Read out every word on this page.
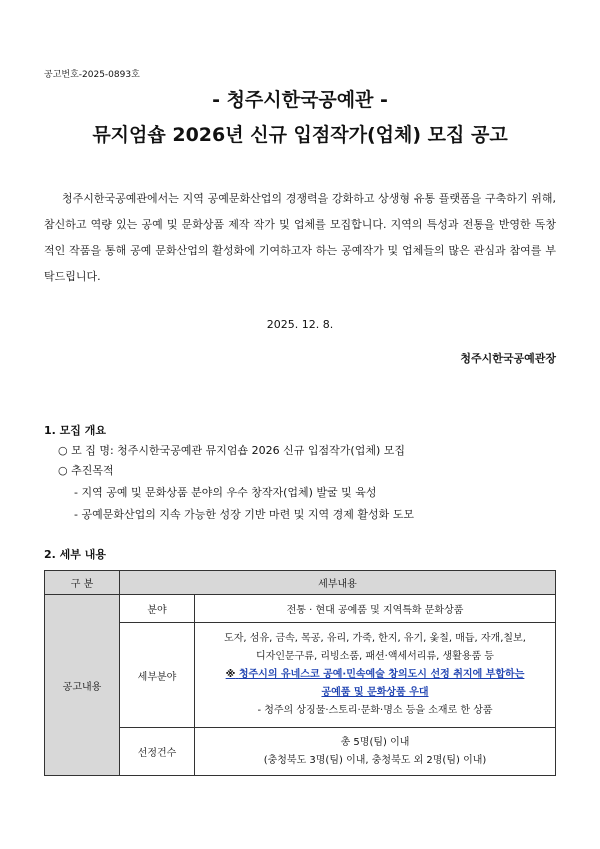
공고번호-2025-0893호
- 청주시한국공예관 -
뮤지엄숍 2026년 신규 입점작가(업체) 모집 공고

청주시한국공예관에서는 지역 공예문화산업의 경쟁력을 강화하고 상생형 유통 플랫폼을 구축하기 위해, 참신하고 역량 있는 공예 및 문화상품 제작 작가 및 업체를 모집합니다. 지역의 특성과 전통을 반영한 독창적인 작품을 통해 공예 문화산업의 활성화에 기여하고자 하는 공예작가 및 업체들의 많은 관심과 참여를 부탁드립니다.

2025. 12. 8.
청주시한국공예관장
1. 모집 개요
○ 모 집 명: 청주시한국공예관 뮤지엄숍 2026 신규 입점작가(업체) 모집
○ 추진목적
- 지역 공예 및 문화상품 분야의 우수 창작자(업체) 발굴 및 육성
- 공예문화산업의 지속 가능한 성장 기반 마련 및 지역 경제 활성화 도모
2. 세부 내용
구 분	세부내용	
공고내용	분야	전통 · 현대 공예품 및 지역특화 문화상품
	세부분야	도자, 섬유, 금속, 목공, 유리, 가죽, 한지, 유기, 옻칠, 매듭, 자개,칠보,
디자인문구류, 리빙소품, 패션·액세서리류, 생활용품 등
※ 청주시의 유네스코 공예·민속예술 창의도시 선정 취지에 부합하는
공예품 및 문화상품 우대
- 청주의 상징물·스토리·문화·명소 등을 소재로 한 상품

	선정건수	총 5명(팀) 이내
(충청북도 3명(팀) 이내, 충청북도 외 2명(팀) 이내)
